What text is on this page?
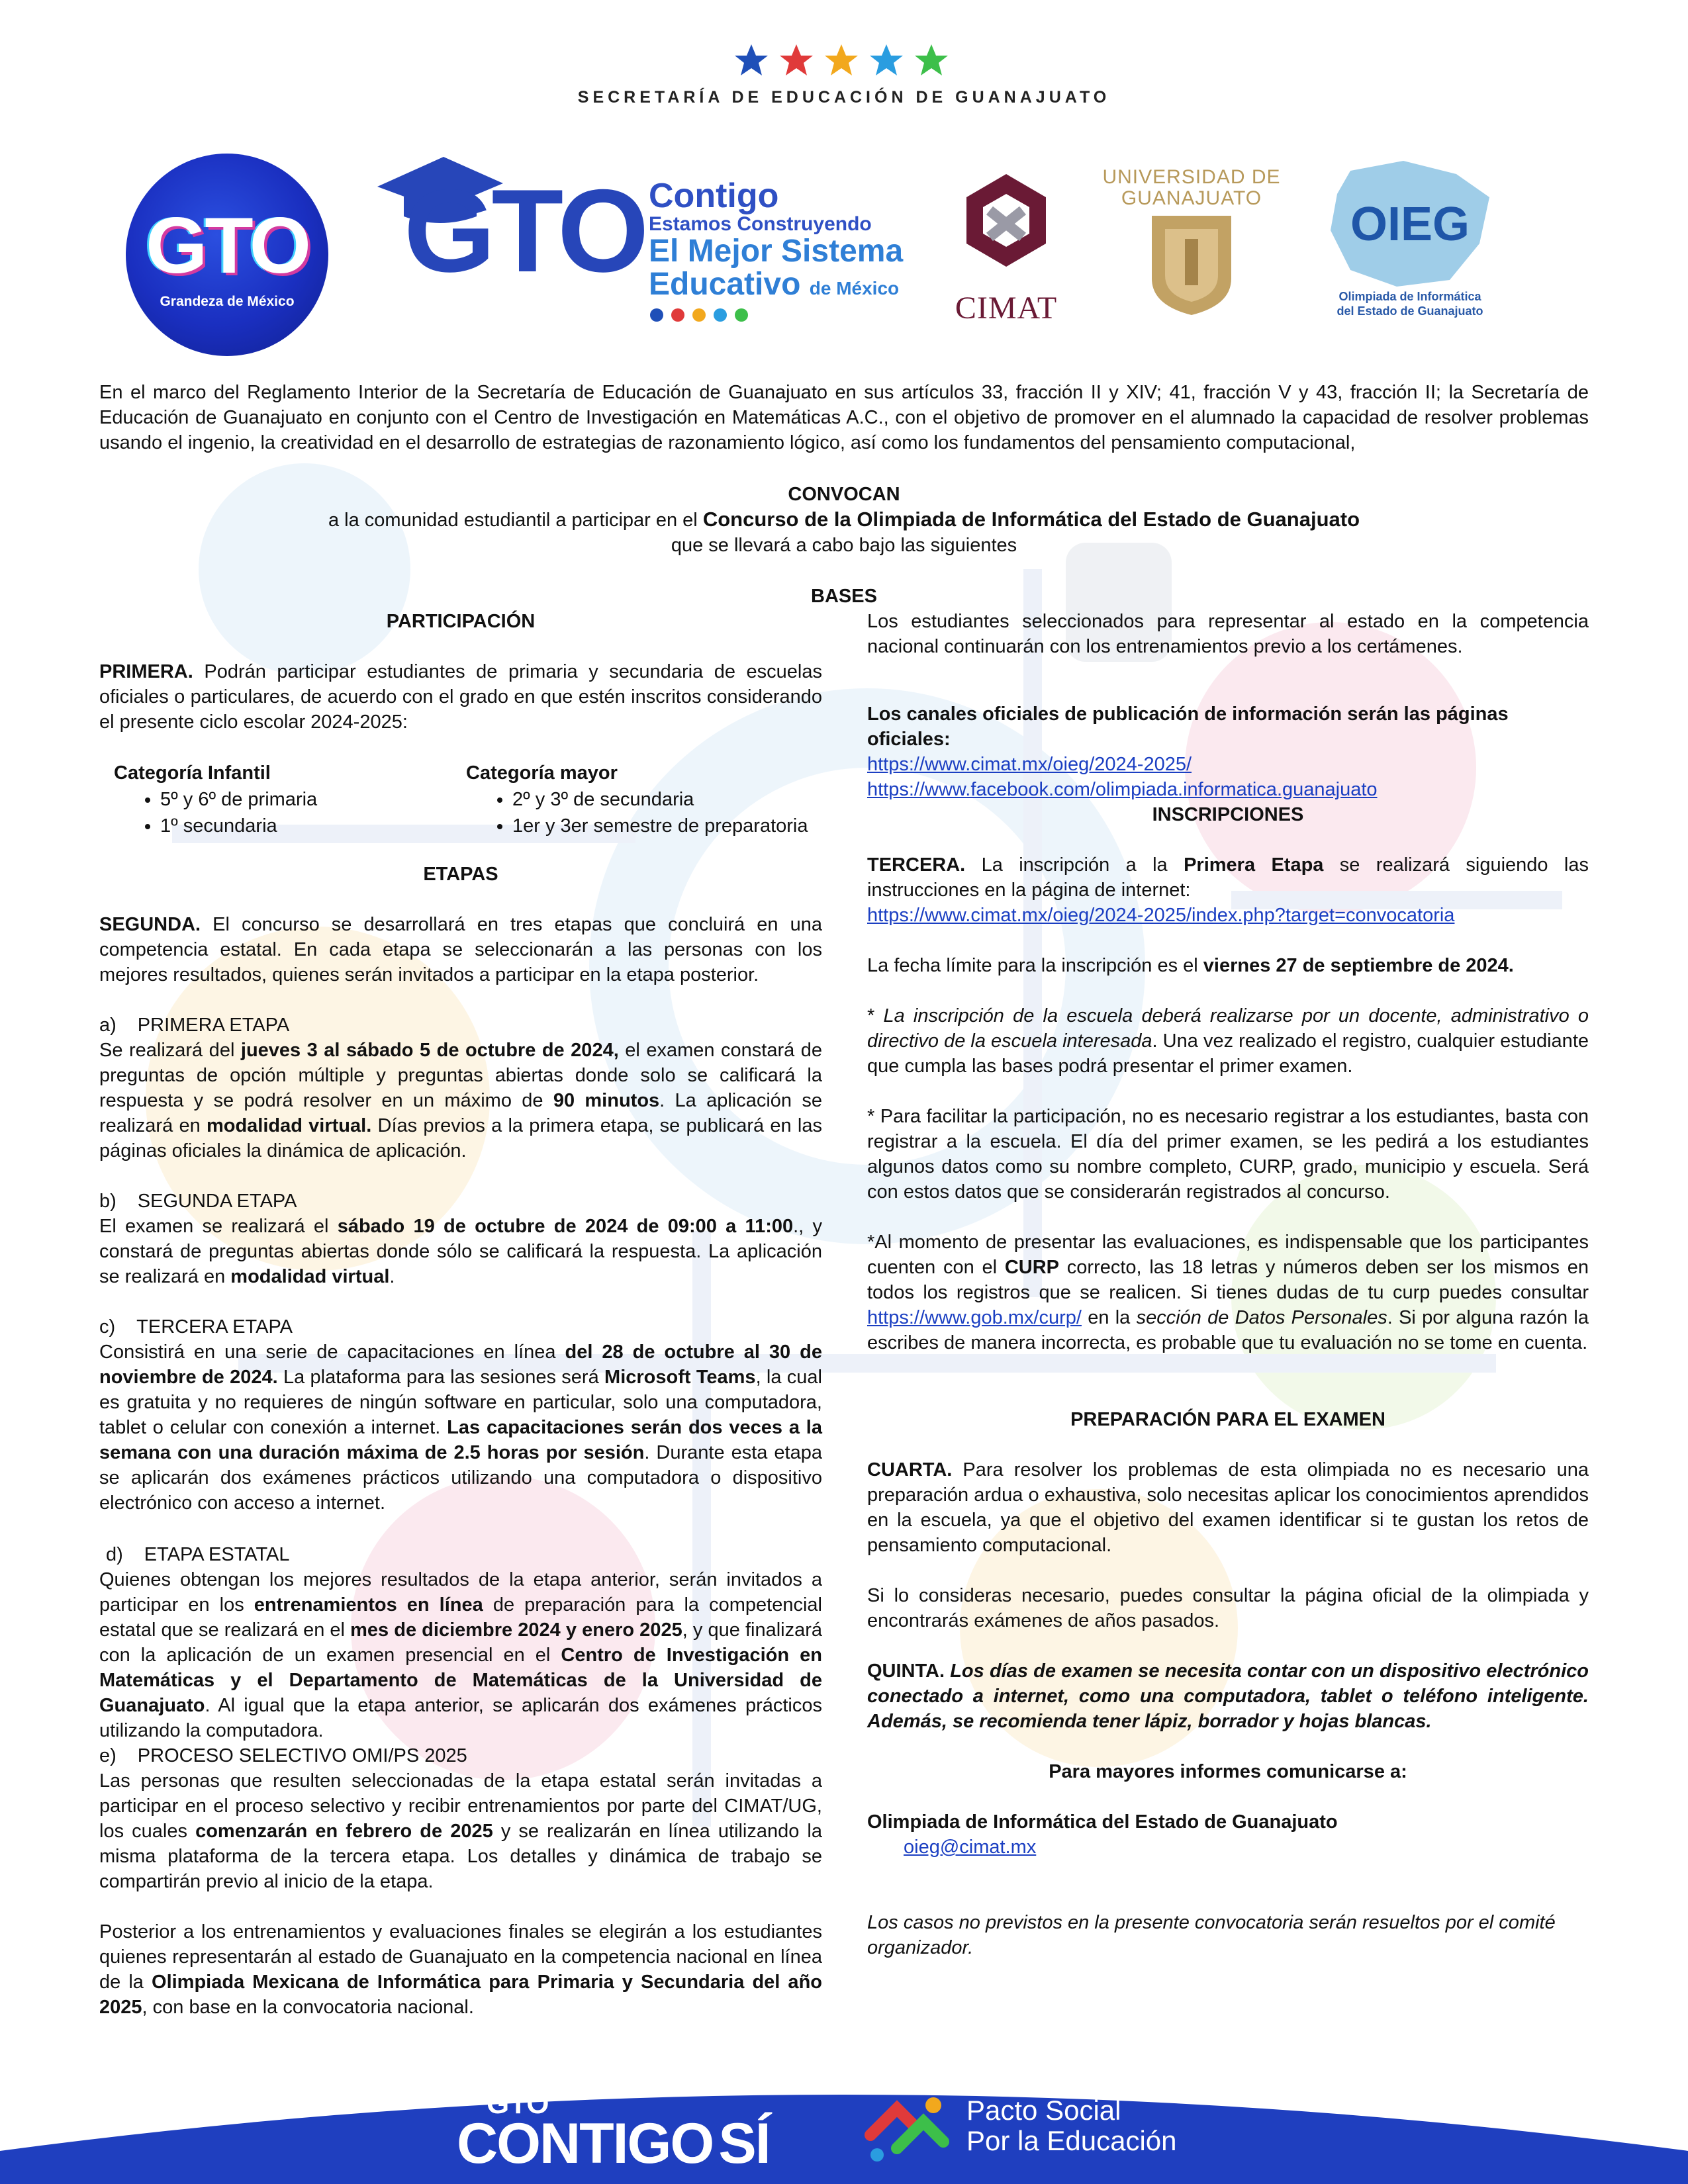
SECRETARÍA DE EDUCACIÓN DE GUANAJUATO
GTO
Grandeza de México
GTO Contigo
Estamos Construyendo
El Mejor Sistema
Educativo de México
CIMAT
UNIVERSIDAD DE
GUANAJUATO	OIEG
Olimpiada de Informática
del Estado de Guanajuato
En el marco del Reglamento Interior de la Secretaría de Educación de Guanajuato en sus artículos 33, fracción II y XIV; 41, fracción V y 43, fracción II; la Secretaría de Educación de Guanajuato en conjunto con el Centro de Investigación en Matemáticas A.C., con el objetivo de promover en el alumnado la capacidad de resolver problemas usando el ingenio, la creatividad en el desarrollo de estrategias de razonamiento lógico, así como los fundamentos del pensamiento computacional,
CONVOCAN
a la comunidad estudiantil a participar en el Concurso de la Olimpiada de Informática del Estado de Guanajuato
que se llevará a cabo bajo las siguientes
BASES

PARTICIPACIÓN

PRIMERA. Podrán participar estudiantes de primaria y secundaria de escuelas oficiales o particulares, de acuerdo con el grado en que estén inscritos considerando el presente ciclo escolar 2024-2025:

Categoría Infantil
• 5º y 6º de primaria
• 1º secundaria
Categoría mayor
• 2º y 3º de secundaria
• 1er y 3er semestre de preparatoria

ETAPAS

SEGUNDA. El concurso se desarrollará en tres etapas que concluirá en una competencia estatal. En cada etapa se seleccionarán a las personas con los mejores resultados, quienes serán invitados a participar en la etapa posterior.

a) PRIMERA ETAPA

Se realizará del jueves 3 al sábado 5 de octubre de 2024, el examen constará de preguntas de opción múltiple y preguntas abiertas donde solo se calificará la respuesta y se podrá resolver en un máximo de 90 minutos. La aplicación se realizará en modalidad virtual. Días previos a la primera etapa, se publicará en las páginas oficiales la dinámica de aplicación.

b) SEGUNDA ETAPA

El examen se realizará el sábado 19 de octubre de 2024 de 09:00 a 11:00., y constará de preguntas abiertas donde sólo se calificará la respuesta. La aplicación se realizará en modalidad virtual.

c) TERCERA ETAPA

Consistirá en una serie de capacitaciones en línea del 28 de octubre al 30 de noviembre de 2024. La plataforma para las sesiones será Microsoft Teams, la cual es gratuita y no requieres de ningún software en particular, solo una computadora, tablet o celular con conexión a internet. Las capacitaciones serán dos veces a la semana con una duración máxima de 2.5 horas por sesión. Durante esta etapa se aplicarán dos exámenes prácticos utilizando una computadora o dispositivo electrónico con acceso a internet.

d) ETAPA ESTATAL

Quienes obtengan los mejores resultados de la etapa anterior, serán invitados a participar en los entrenamientos en línea de preparación para la competencial estatal que se realizará en el mes de diciembre 2024 y enero 2025, y que finalizará con la aplicación de un examen presencial en el Centro de Investigación en Matemáticas y el Departamento de Matemáticas de la Universidad de Guanajuato. Al igual que la etapa anterior, se aplicarán dos exámenes prácticos utilizando la computadora.

e) PROCESO SELECTIVO OMI/PS 2025

Las personas que resulten seleccionadas de la etapa estatal serán invitadas a participar en el proceso selectivo y recibir entrenamientos por parte del CIMAT/UG, los cuales comenzarán en febrero de 2025 y se realizarán en línea utilizando la misma plataforma de la tercera etapa. Los detalles y dinámica de trabajo se compartirán previo al inicio de la etapa.

Posterior a los entrenamientos y evaluaciones finales se elegirán a los estudiantes quienes representarán al estado de Guanajuato en la competencia nacional en línea de la Olimpiada Mexicana de Informática para Primaria y Secundaria del año 2025, con base en la convocatoria nacional.

Los estudiantes seleccionados para representar al estado en la competencia nacional continuarán con los entrenamientos previo a los certámenes.

Los canales oficiales de publicación de información serán las páginas oficiales:

https://www.cimat.mx/oieg/2024-2025/

https://www.facebook.com/olimpiada.informatica.guanajuato

INSCRIPCIONES

TERCERA. La inscripción a la Primera Etapa se realizará siguiendo las instrucciones en la página de internet:

https://www.cimat.mx/oieg/2024-2025/index.php?target=convocatoria

La fecha límite para la inscripción es el viernes 27 de septiembre de 2024.

* La inscripción de la escuela deberá realizarse por un docente, administrativo o directivo de la escuela interesada. Una vez realizado el registro, cualquier estudiante que cumpla las bases podrá presentar el primer examen.

* Para facilitar la participación, no es necesario registrar a los estudiantes, basta con registrar a la escuela. El día del primer examen, se les pedirá a los estudiantes algunos datos como su nombre completo, CURP, grado, municipio y escuela. Será con estos datos que se considerarán registrados al concurso.

*Al momento de presentar las evaluaciones, es indispensable que los participantes cuenten con el CURP correcto, las 18 letras y números deben ser los mismos en todos los registros que se realicen. Si tienes dudas de tu curp puedes consultar https://www.gob.mx/curp/ en la sección de Datos Personales. Si por alguna razón la escribes de manera incorrecta, es probable que tu evaluación no se tome en cuenta.

PREPARACIÓN PARA EL EXAMEN

CUARTA. Para resolver los problemas de esta olimpiada no es necesario una preparación ardua o exhaustiva, solo necesitas aplicar los conocimientos aprendidos en la escuela, ya que el objetivo del examen identificar si te gustan los retos de pensamiento computacional.

Si lo consideras necesario, puedes consultar la página oficial de la olimpiada y encontrarás exámenes de años pasados.

QUINTA. Los días de examen se necesita contar con un dispositivo electrónico conectado a internet, como una computadora, tablet o teléfono inteligente. Además, se recomienda tener lápiz, borrador y hojas blancas.

Para mayores informes comunicarse a:

Olimpiada de Informática del Estado de Guanajuato

oieg@cimat.mx

Los casos no previstos en la presente convocatoria serán resueltos por el comité organizador.

GTO
CONTIGOSÍ
Pacto Social
Por la Educación
